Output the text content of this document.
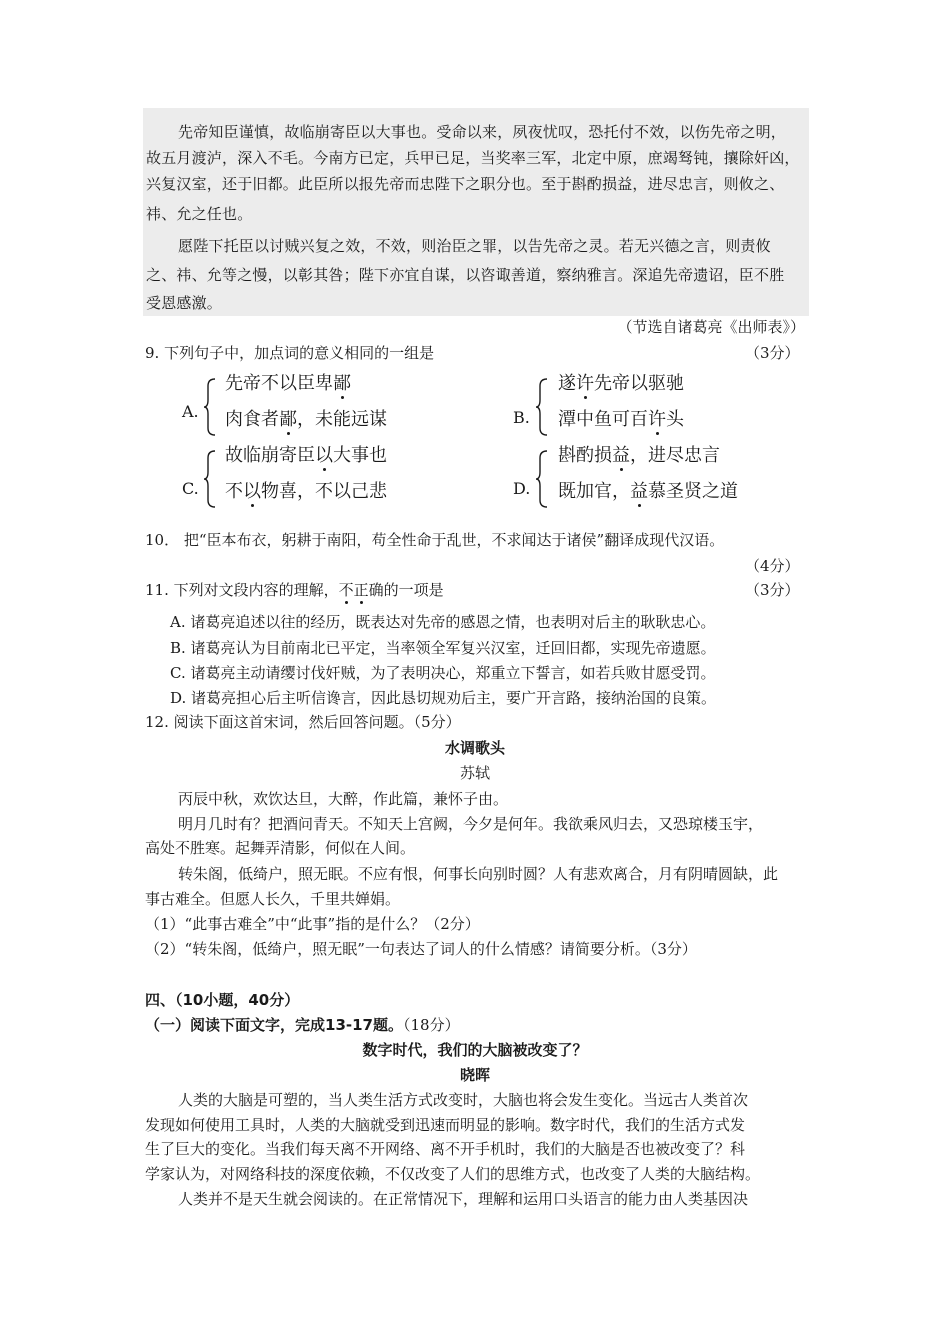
先帝知臣谨慎，故临崩寄臣以大事也。受命以来，夙夜忧叹，恐托付不效，以伤先帝之明，
故五月渡泸，深入不毛。今南方已定，兵甲已足，当奖率三军，北定中原，庶竭驽钝，攘除奸凶，
兴复汉室，还于旧都。此臣所以报先帝而忠陛下之职分也。至于斟酌损益，进尽忠言，则攸之、
祎、允之任也。
愿陛下托臣以讨贼兴复之效，不效，则治臣之罪，以告先帝之灵。若无兴德之言，则责攸
之、祎、允等之慢，以彰其咎；陛下亦宜自谋，以咨诹善道，察纳雅言。深追先帝遗诏，臣不胜
受恩感激。
（节选自诸葛亮《出师表》）
9. 下列句子中，加点词的意义相同的一组是	（3分）
A.
先帝不以臣卑鄙
肉食者鄙，未能远谋	B.
遂许先帝以驱驰
潭中鱼可百许头
C.
故临崩寄臣以大事也
不以物喜，不以己悲	D.
斟酌损益，进尽忠言
既加官，益慕圣贤之道
10． 把“臣本布衣，躬耕于南阳，苟全性命于乱世，不求闻达于诸侯”翻译成现代汉语。
（4分）
11. 下列对文段内容的理解，不正确的一项是	（3分）
A. 诸葛亮追述以往的经历，既表达对先帝的感恩之情，也表明对后主的耿耿忠心。
B. 诸葛亮认为目前南北已平定，当率领全军复兴汉室，迁回旧都，实现先帝遗愿。
C. 诸葛亮主动请缨讨伐奸贼，为了表明决心，郑重立下誓言，如若兵败甘愿受罚。
D. 诸葛亮担心后主听信谗言，因此恳切规劝后主，要广开言路，接纳治国的良策。
12. 阅读下面这首宋词，然后回答问题。（5分）
水调歌头
苏轼
丙辰中秋，欢饮达旦，大醉，作此篇，兼怀子由。
明月几时有？把酒问青天。不知天上宫阙，今夕是何年。我欲乘风归去，又恐琼楼玉宇，
高处不胜寒。起舞弄清影，何似在人间。
转朱阁，低绮户，照无眠。不应有恨，何事长向别时圆？人有悲欢离合，月有阴晴圆缺，此
事古难全。但愿人长久，千里共婵娟。
（1）“此事古难全”中“此事”指的是什么？（2分）
（2）“转朱阁，低绮户，照无眠”一句表达了词人的什么情感？请简要分析。（3分）
四、（10小题，40分）
（一）阅读下面文字，完成13-17题。（18分）
数字时代，我们的大脑被改变了？
晓晖
人类的大脑是可塑的，当人类生活方式改变时，大脑也将会发生变化。当远古人类首次
发现如何使用工具时，人类的大脑就受到迅速而明显的影响。数字时代，我们的生活方式发
生了巨大的变化。当我们每天离不开网络、离不开手机时，我们的大脑是否也被改变了？科
学家认为，对网络科技的深度依赖，不仅改变了人们的思维方式，也改变了人类的大脑结构。
人类并不是天生就会阅读的。在正常情况下，理解和运用口头语言的能力由人类基因决
